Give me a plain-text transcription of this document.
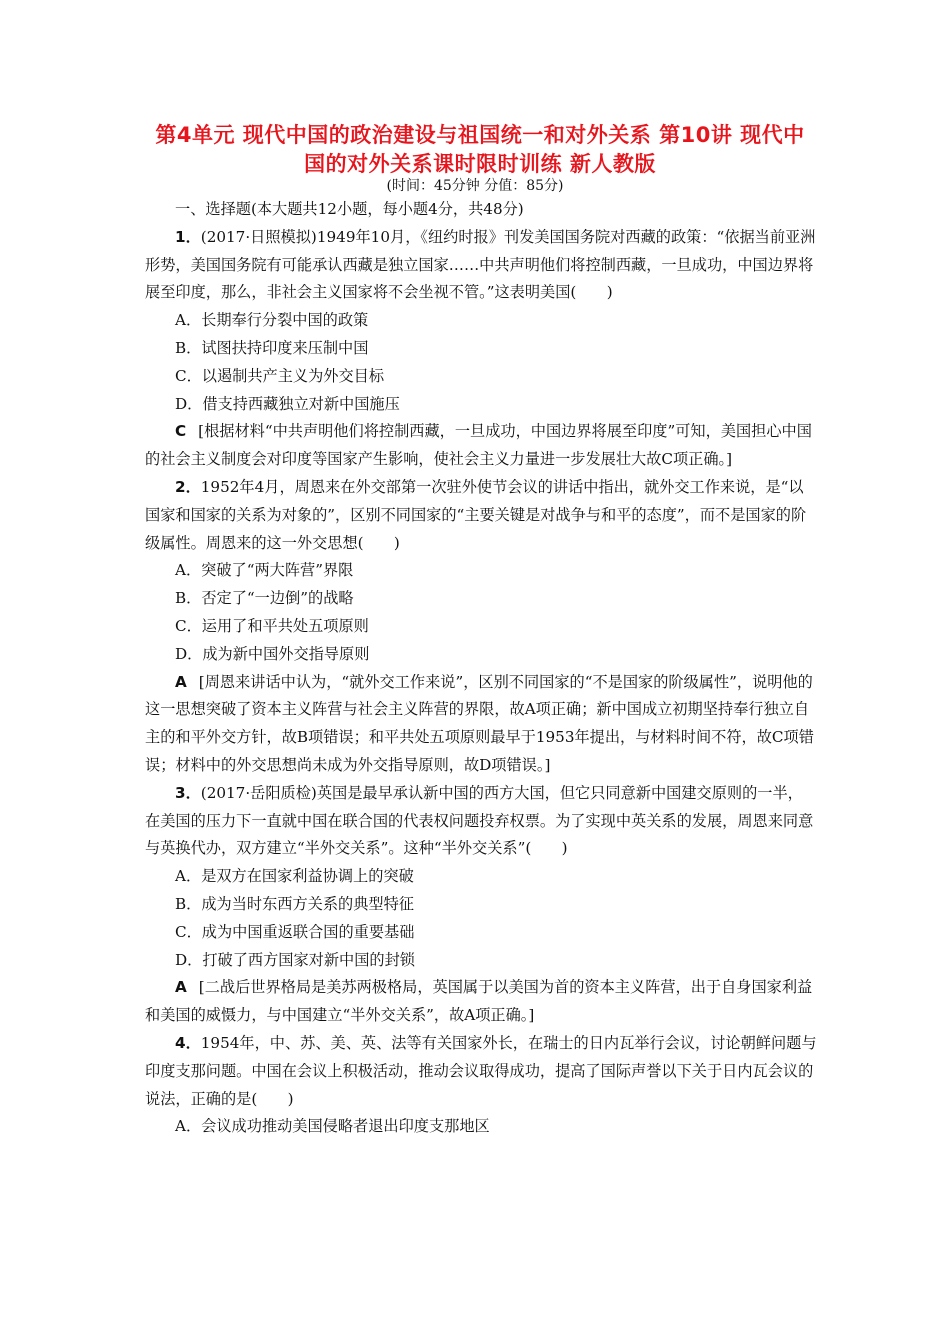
第4单元 现代中国的政治建设与祖国统一和对外关系 第10讲 现代中国的对外关系课时限时训练 新人教版
(时间：45分钟 分值：85分)

一、选择题(本大题共12小题，每小题4分，共48分)

1．(2017·日照模拟)1949年10月，《纽约时报》刊发美国国务院对西藏的政策：“依据当前亚洲形势，美国国务院有可能承认西藏是独立国家……中共声明他们将控制西藏，一旦成功，中国边界将展至印度，那么，非社会主义国家将不会坐视不管。”这表明美国(　　)

A．长期奉行分裂中国的政策

B．试图扶持印度来压制中国

C．以遏制共产主义为外交目标

D．借支持西藏独立对新中国施压

C [根据材料“中共声明他们将控制西藏，一旦成功，中国边界将展至印度”可知，美国担心中国的社会主义制度会对印度等国家产生影响，使社会主义力量进一步发展壮大故C项正确。]

2．1952年4月，周恩来在外交部第一次驻外使节会议的讲话中指出，就外交工作来说，是“以国家和国家的关系为对象的”，区别不同国家的“主要关键是对战争与和平的态度”，而不是国家的阶级属性。周恩来的这一外交思想(　　)

A．突破了“两大阵营”界限

B．否定了“一边倒”的战略

C．运用了和平共处五项原则

D．成为新中国外交指导原则

A [周恩来讲话中认为，“就外交工作来说”，区别不同国家的“不是国家的阶级属性”，说明他的这一思想突破了资本主义阵营与社会主义阵营的界限，故A项正确；新中国成立初期坚持奉行独立自主的和平外交方针，故B项错误；和平共处五项原则最早于1953年提出，与材料时间不符，故C项错误；材料中的外交思想尚未成为外交指导原则，故D项错误。]

3．(2017·岳阳质检)英国是最早承认新中国的西方大国，但它只同意新中国建交原则的一半，在美国的压力下一直就中国在联合国的代表权问题投弃权票。为了实现中英关系的发展，周恩来同意与英换代办，双方建立“半外交关系”。这种“半外交关系”(　　)

A．是双方在国家利益协调上的突破

B．成为当时东西方关系的典型特征

C．成为中国重返联合国的重要基础

D．打破了西方国家对新中国的封锁

A [二战后世界格局是美苏两极格局，英国属于以美国为首的资本主义阵营，出于自身国家利益和美国的威慑力，与中国建立“半外交关系”，故A项正确。]

4．1954年，中、苏、美、英、法等有关国家外长，在瑞士的日内瓦举行会议，讨论朝鲜问题与印度支那问题。中国在会议上积极活动，推动会议取得成功，提高了国际声誉以下关于日内瓦会议的说法，正确的是(　　)

A．会议成功推动美国侵略者退出印度支那地区
